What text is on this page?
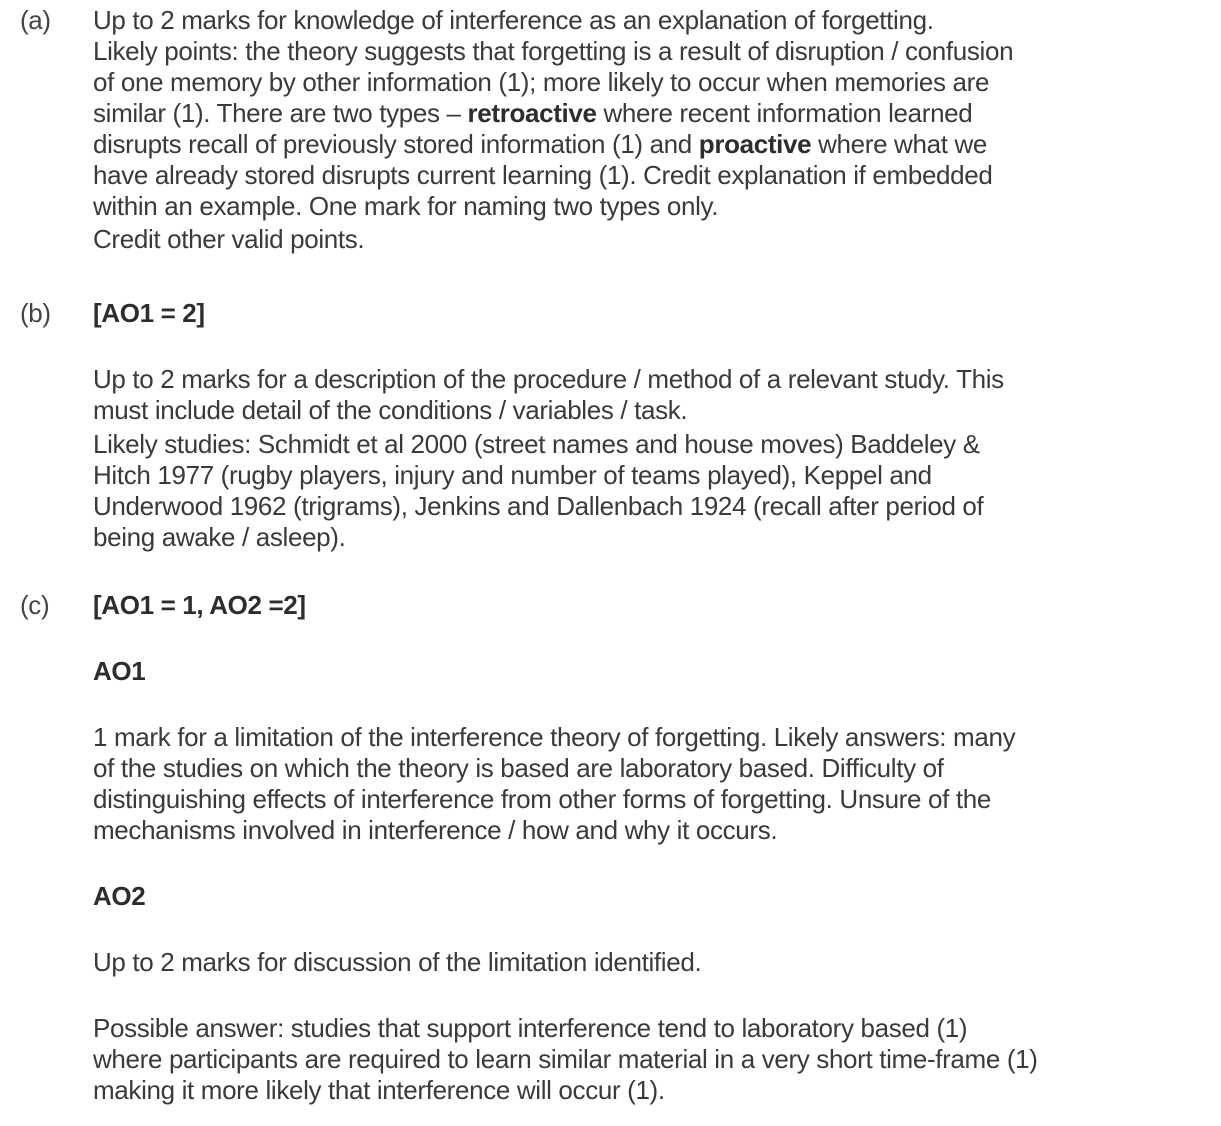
(a) Up to 2 marks for knowledge of interference as an explanation of forgetting.
Likely points: the theory suggests that forgetting is a result of disruption / confusion
of one memory by other information (1); more likely to occur when memories are
similar (1). There are two types – retroactive where recent information learned
disrupts recall of previously stored information (1) and proactive where what we
have already stored disrupts current learning (1). Credit explanation if embedded
within an example. One mark for naming two types only.
Credit other valid points.
(b) [AO1 = 2]
Up to 2 marks for a description of the procedure / method of a relevant study. This
must include detail of the conditions / variables / task.
Likely studies: Schmidt et al 2000 (street names and house moves) Baddeley &
Hitch 1977 (rugby players, injury and number of teams played), Keppel and
Underwood 1962 (trigrams), Jenkins and Dallenbach 1924 (recall after period of
being awake / asleep).
(c) [AO1 = 1, AO2 =2]
AO1
1 mark for a limitation of the interference theory of forgetting. Likely answers: many
of the studies on which the theory is based are laboratory based. Difficulty of
distinguishing effects of interference from other forms of forgetting. Unsure of the
mechanisms involved in interference / how and why it occurs.
AO2
Up to 2 marks for discussion of the limitation identified.
Possible answer: studies that support interference tend to laboratory based (1)
where participants are required to learn similar material in a very short time-frame (1)
making it more likely that interference will occur (1).
